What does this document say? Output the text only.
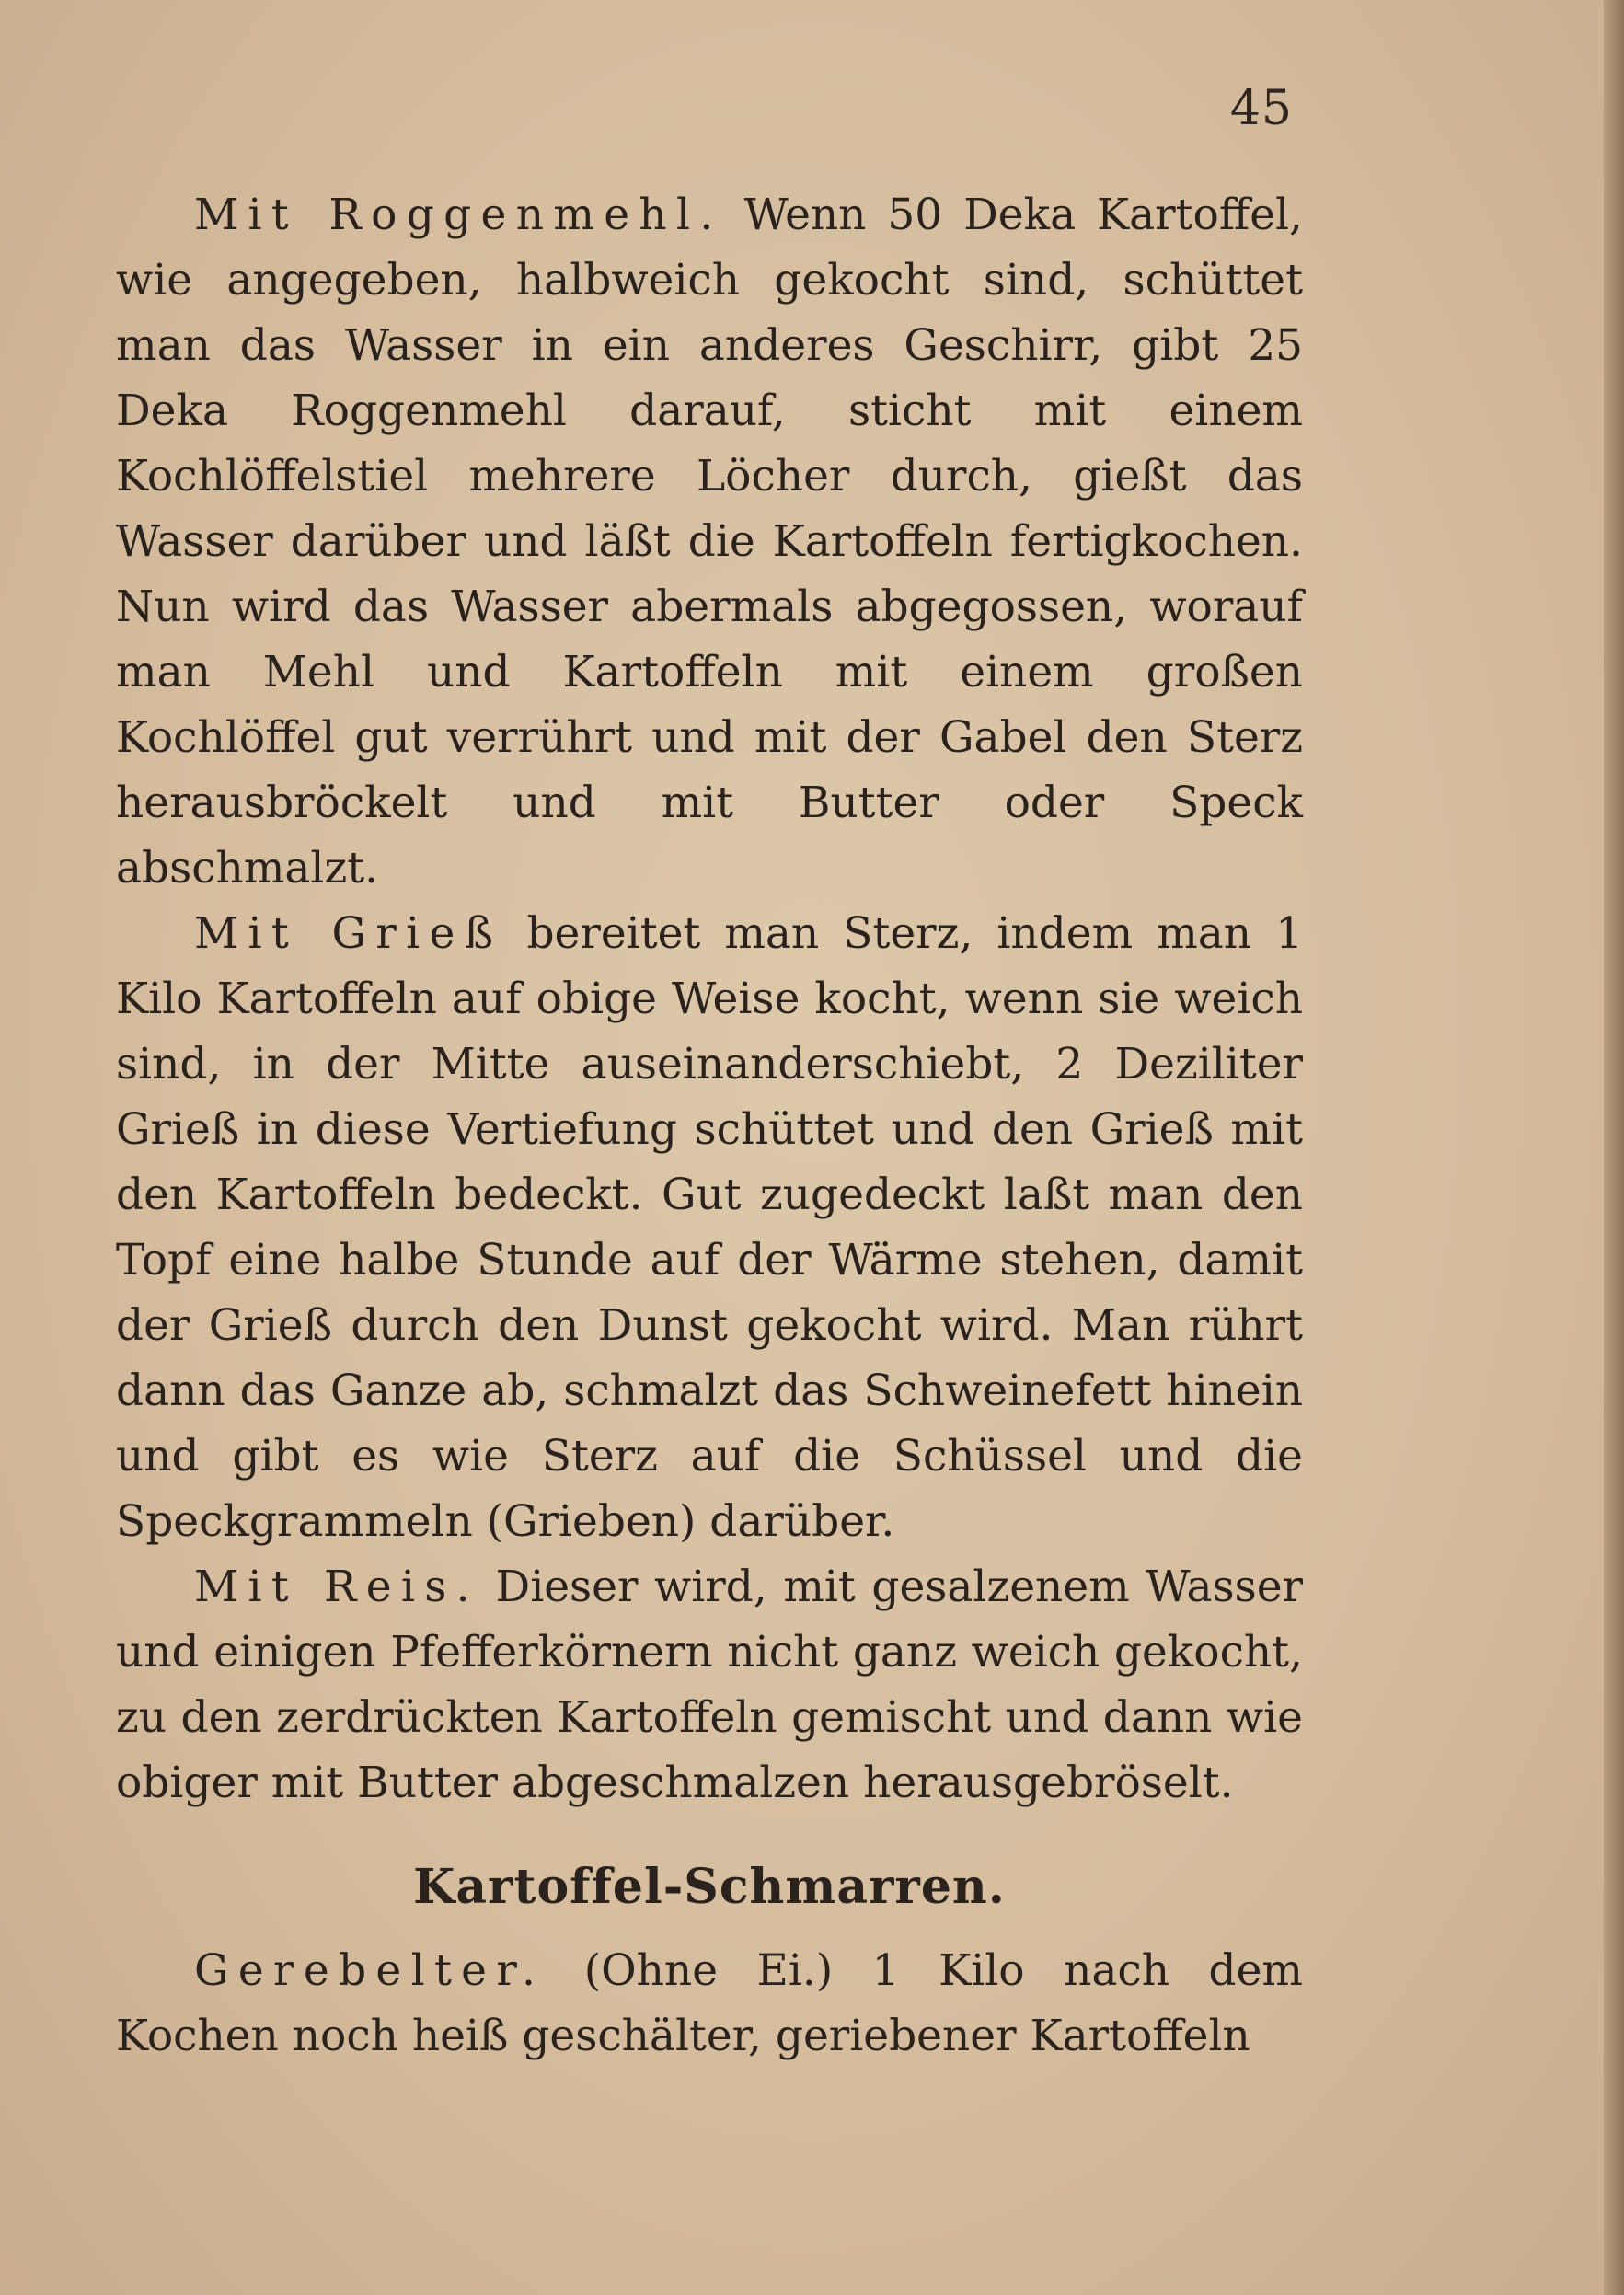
45

Mit Roggenmehl. Wenn 50 Deka Kartoffel, wie angegeben, halbweich gekocht sind, schüttet man das Wasser in ein anderes Geschirr, gibt 25 Deka Roggenmehl darauf, sticht mit einem Kochlöffelstiel mehrere Löcher durch, gießt das Wasser darüber und läßt die Kartoffeln fertigkochen. Nun wird das Wasser abermals abgegossen, worauf man Mehl und Kartoffeln mit einem großen Kochlöffel gut verrührt und mit der Gabel den Sterz herausbröckelt und mit Butter oder Speck abschmalzt.

Mit Grieß bereitet man Sterz, indem man 1 Kilo Kartoffeln auf obige Weise kocht, wenn sie weich sind, in der Mitte auseinanderschiebt, 2 Deziliter Grieß in diese Vertiefung schüttet und den Grieß mit den Kartoffeln bedeckt. Gut zugedeckt laßt man den Topf eine halbe Stunde auf der Wärme stehen, damit der Grieß durch den Dunst gekocht wird. Man rührt dann das Ganze ab, schmalzt das Schweinefett hinein und gibt es wie Sterz auf die Schüssel und die Speckgrammeln (Grieben) darüber.

Mit Reis. Dieser wird, mit gesalzenem Wasser und einigen Pfefferkörnern nicht ganz weich gekocht, zu den zerdrückten Kartoffeln gemischt und dann wie obiger mit Butter abgeschmalzen herausgebröselt.

Kartoffel-Schmarren.

Gerebelter. (Ohne Ei.) 1 Kilo nach dem Kochen noch heiß geschälter, geriebener Kartoffeln
